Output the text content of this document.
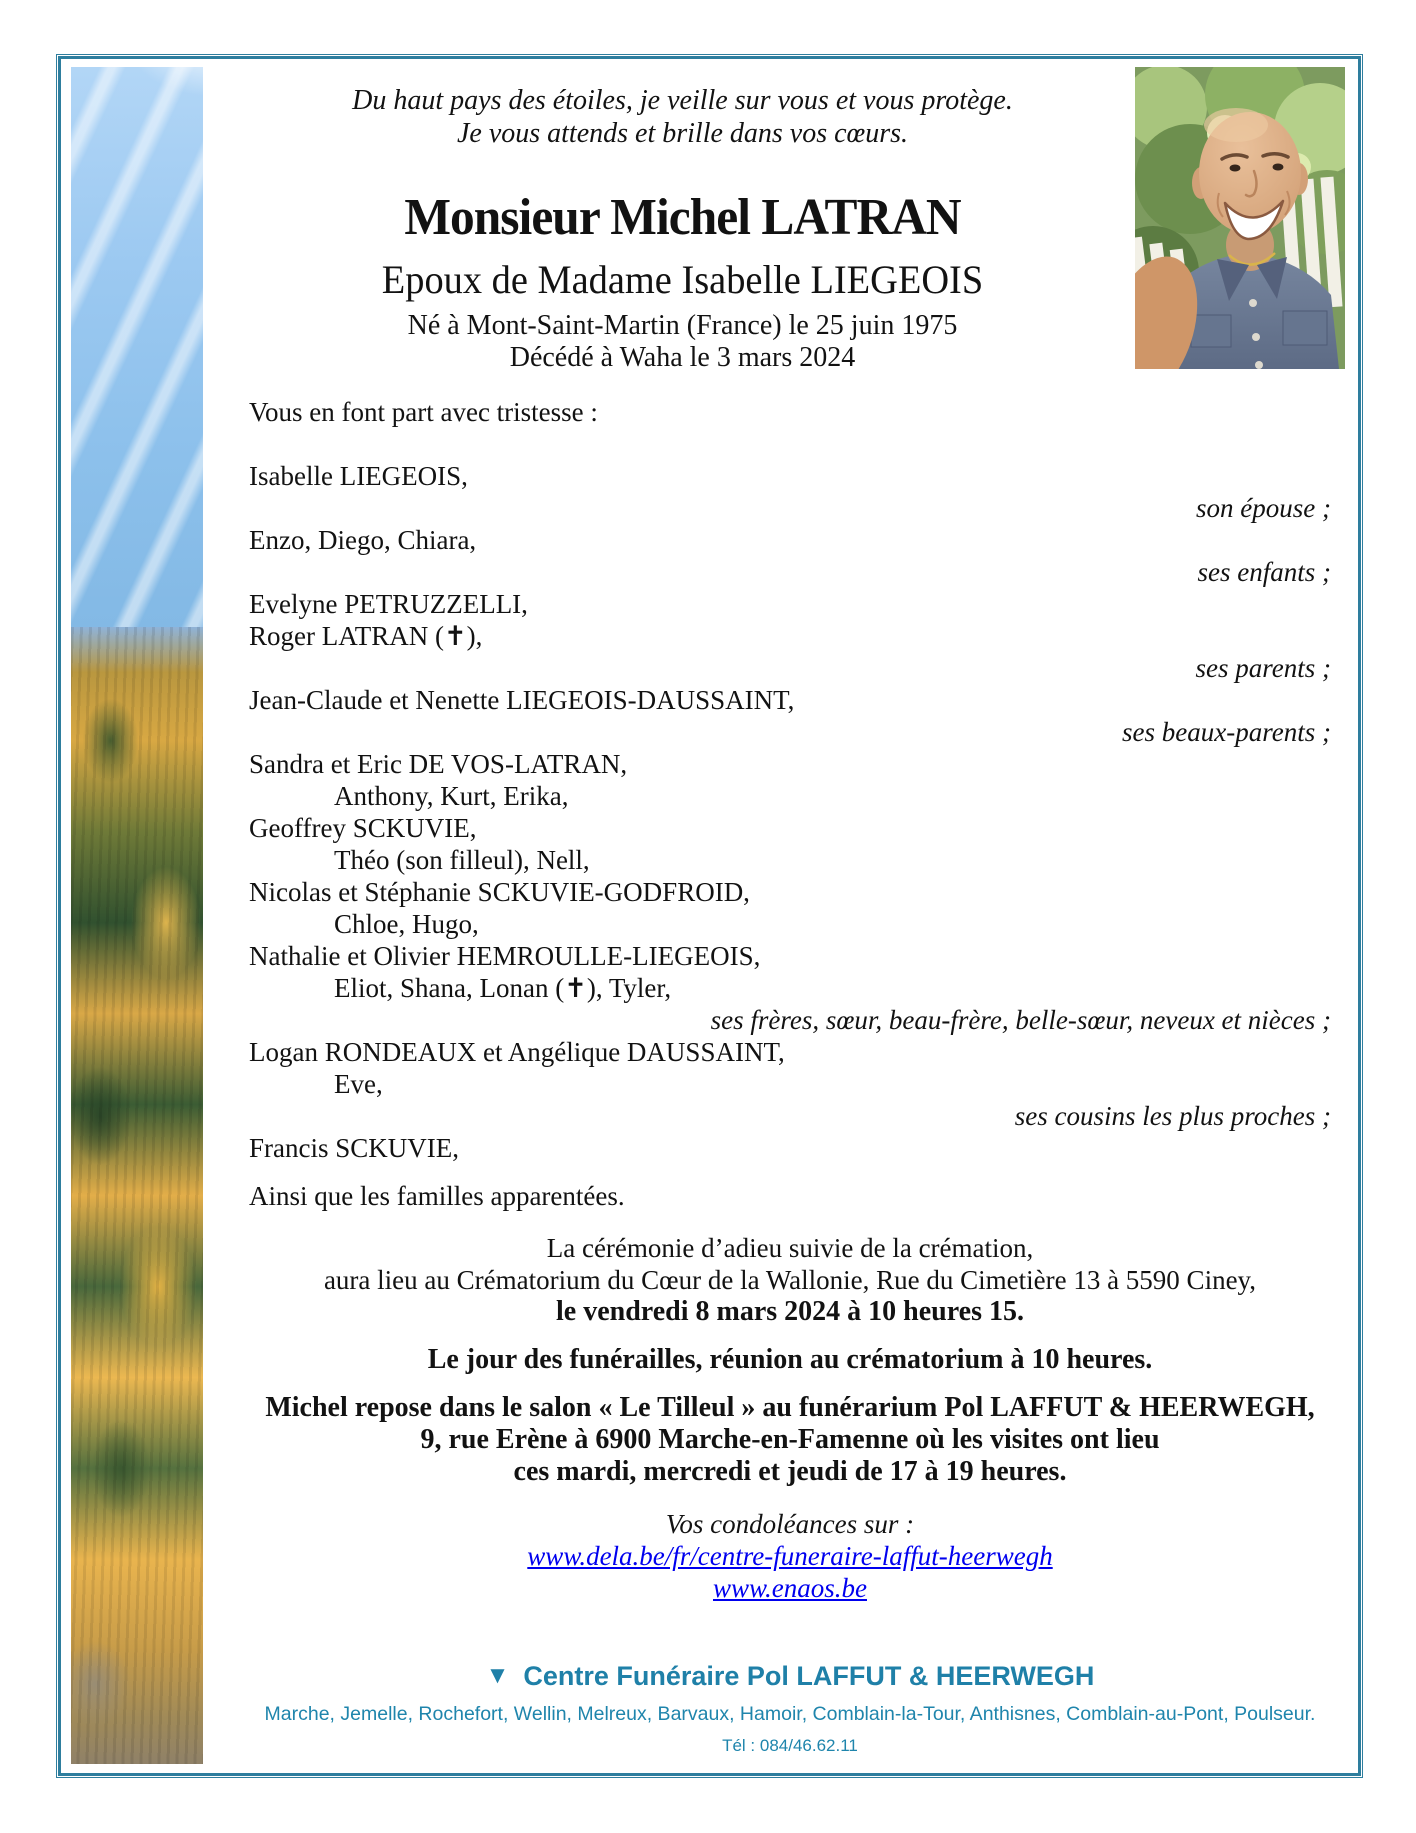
Du haut pays des étoiles, je veille sur vous et vous protège.
Je vous attends et brille dans vos cœurs.
Monsieur Michel LATRAN
Epoux de Madame Isabelle LIEGEOIS
Né à Mont-Saint-Martin (France) le 25 juin 1975
Décédé à Waha le 3 mars 2024
Vous en font part avec tristesse :
Isabelle LIEGEOIS,
son épouse ;
Enzo, Diego, Chiara,
ses enfants ;
Evelyne PETRUZZELLI,
Roger LATRAN (✝),
ses parents ;
Jean-Claude et Nenette LIEGEOIS-DAUSSAINT,
ses beaux-parents ;
Sandra et Eric DE VOS-LATRAN,
Anthony, Kurt, Erika,
Geoffrey SCKUVIE,
Théo (son filleul), Nell,
Nicolas et Stéphanie SCKUVIE-GODFROID,
Chloe, Hugo,
Nathalie et Olivier HEMROULLE-LIEGEOIS,
Eliot, Shana, Lonan (✝), Tyler,
ses frères, sœur, beau-frère, belle-sœur, neveux et nièces ;
Logan RONDEAUX et Angélique DAUSSAINT,
Eve,
ses cousins les plus proches ;
Francis SCKUVIE,
Ainsi que les familles apparentées.
La cérémonie d’adieu suivie de la crémation,
aura lieu au Crématorium du Cœur de la Wallonie, Rue du Cimetière 13 à 5590 Ciney,
le vendredi 8 mars 2024 à 10 heures 15.
Le jour des funérailles, réunion au crématorium à 10 heures.
Michel repose dans le salon « Le Tilleul » au funérarium Pol LAFFUT & HEERWEGH,
9, rue Erène à 6900 Marche-en-Famenne où les visites ont lieu
ces mardi, mercredi et jeudi de 17 à 19 heures.
Vos condoléances sur :
www.dela.be/fr/centre-funeraire-laffut-heerwegh
www.enaos.be
▼ Centre Funéraire Pol LAFFUT & HEERWEGH
Marche, Jemelle, Rochefort, Wellin, Melreux, Barvaux, Hamoir, Comblain-la-Tour, Anthisnes, Comblain-au-Pont, Poulseur.
Tél : 084/46.62.11
